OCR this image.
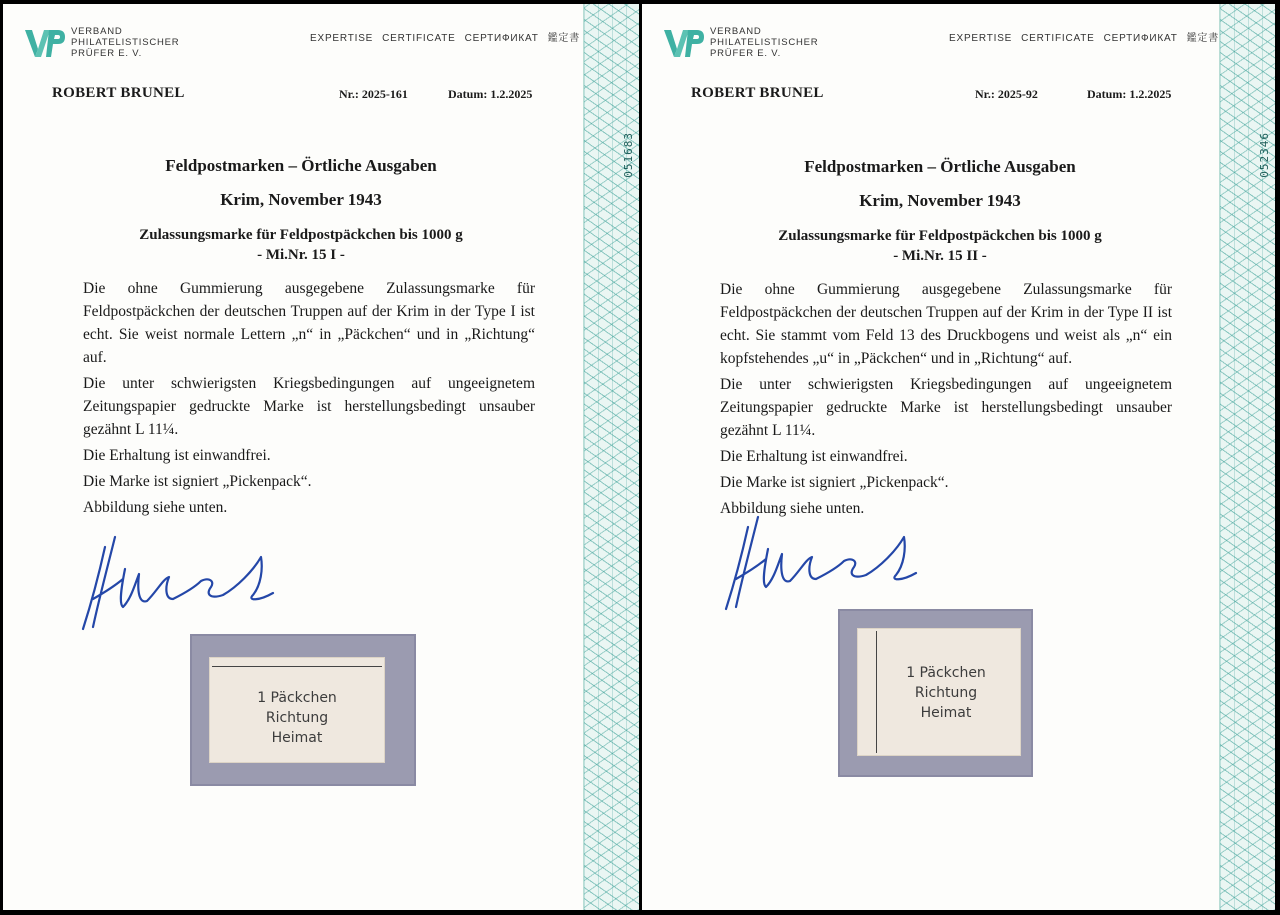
051683
VERBAND
PHILATELISTISCHER
PRÜFER E. V.
EXPERTISE CERTIFICATE СЕРТИФИКАТ 鑑定書
ROBERT BRUNEL	Nr.: 2025-161	Datum: 1.2.2025
Feldpostmarken – Örtliche Ausgaben
Krim, November 1943
Zulassungsmarke für Feldpostpäckchen bis 1000 g
- Mi.Nr. 15 I -

Die ohne Gummierung ausgegebene Zulassungsmarke für Feldpostpäckchen der deutschen Truppen auf der Krim in der Type I ist echt. Sie weist normale Lettern „n“ in „Päckchen“ und in „Richtung“ auf.

Die unter schwierigsten Kriegsbedingungen auf ungeeignetem Zeitungspapier gedruckte Marke ist herstellungsbedingt unsauber gezähnt L 11¼.

Die Erhaltung ist einwandfrei.

Die Marke ist signiert „Pickenpack“.

Abbildung siehe unten.

1 Päckchen
Richtung
Heimat
052346
VERBAND
PHILATELISTISCHER
PRÜFER E. V.
EXPERTISE CERTIFICATE СЕРТИФИКАТ 鑑定書
ROBERT BRUNEL	Nr.: 2025-92	Datum: 1.2.2025
Feldpostmarken – Örtliche Ausgaben
Krim, November 1943
Zulassungsmarke für Feldpostpäckchen bis 1000 g
- Mi.Nr. 15 II -

Die ohne Gummierung ausgegebene Zulassungsmarke für Feldpostpäckchen der deutschen Truppen auf der Krim in der Type II ist echt. Sie stammt vom Feld 13 des Druckbogens und weist als „n“ ein kopfstehendes „u“ in „Päckchen“ und in „Richtung“ auf.

Die unter schwierigsten Kriegsbedingungen auf ungeeignetem Zeitungspapier gedruckte Marke ist herstellungsbedingt unsauber gezähnt L 11¼.

Die Erhaltung ist einwandfrei.

Die Marke ist signiert „Pickenpack“.

Abbildung siehe unten.

1 Päckchen
Richtung
Heimat
